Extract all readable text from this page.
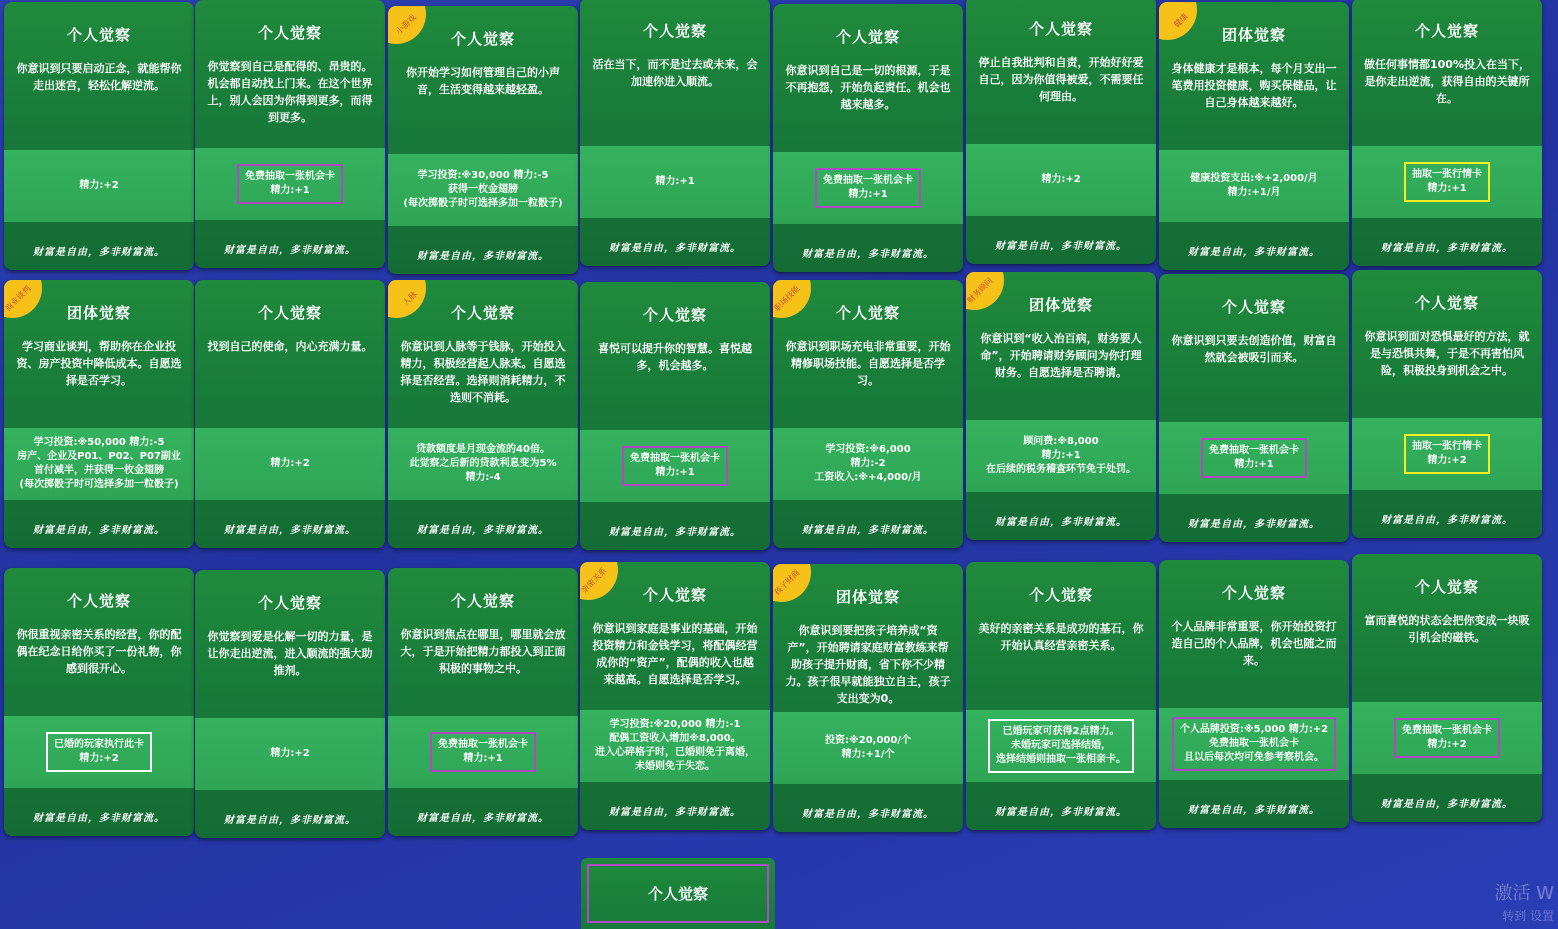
个人觉察
你意识到只要启动正念，就能帮你走出迷宫，轻松化解逆流。
精力:+2
财富是自由，多非财富流。
个人觉察
你觉察到自己是配得的、昂贵的。机会都自动找上门来。在这个世界上，别人会因为你得到更多，而得到更多。
免费抽取一张机会卡
精力:+1
财富是自由，多非财富流。
小游戏
个人觉察
你开始学习如何管理自己的小声音，生活变得越来越轻盈。
学习投资:※30,000 精力:-5
获得一枚金翅膀
(每次掷骰子时可选择多加一粒骰子)
财富是自由，多非财富流。
个人觉察
活在当下，而不是过去或未来，会加速你进入顺流。
精力:+1
财富是自由，多非财富流。
个人觉察
你意识到自己是一切的根源，于是不再抱怨，开始负起责任。机会也越来越多。
免费抽取一张机会卡
精力:+1
财富是自由，多非财富流。
个人觉察
停止自我批判和自责，开始好好爱自己，因为你值得被爱，不需要任何理由。
精力:+2
财富是自由，多非财富流。
健康
团体觉察
身体健康才是根本，每个月支出一笔费用投资健康，购买保健品，让自己身体越来越好。
健康投资支出:※+2,000/月
精力:+1/月
财富是自由，多非财富流。
个人觉察
做任何事情都100%投入在当下，是你走出逆流，获得自由的关键所在。
抽取一张行情卡
精力:+1
财富是自由，多非财富流。
商业谈判
团体觉察
学习商业谈判，帮助你在企业投资、房产投资中降低成本。自愿选择是否学习。
学习投资:※50,000 精力:-5
房产、企业及P01、P02、P07副业首付减半，并获得一枚金翅膀
(每次掷骰子时可选择多加一粒骰子)
财富是自由，多非财富流。
个人觉察
找到自己的使命，内心充满力量。
精力:+2
财富是自由，多非财富流。
人脉
个人觉察
你意识到人脉等于钱脉，开始投入精力，积极经营起人脉来。自愿选择是否经营。选择则消耗精力，不选则不消耗。
贷款额度是月现金流的40倍。
此觉察之后新的贷款利息变为5%
精力:-4
财富是自由，多非财富流。
个人觉察
喜悦可以提升你的智慧。喜悦越多，机会越多。
免费抽取一张机会卡
精力:+1
财富是自由，多非财富流。
职场技能
个人觉察
你意识到职场充电非常重要，开始精修职场技能。自愿选择是否学习。
学习投资:※6,000
精力:-2
工资收入:※+4,000/月
财富是自由，多非财富流。
财务顾问
团体觉察
你意识到“收入治百病，财务要人命”，开始聘请财务顾问为你打理财务。自愿选择是否聘请。
顾问费:※8,000
精力:+1
在后续的税务稽查环节免于处罚。
财富是自由，多非财富流。
个人觉察
你意识到只要去创造价值，财富自然就会被吸引而来。
免费抽取一张机会卡
精力:+1
财富是自由，多非财富流。
个人觉察
你意识到面对恐惧最好的方法，就是与恐惧共舞，于是不再害怕风险，积极投身到机会之中。
抽取一张行情卡
精力:+2
财富是自由，多非财富流。
个人觉察
你很重视亲密关系的经营，你的配偶在纪念日给你买了一份礼物，你感到很开心。
已婚的玩家执行此卡
精力:+2
财富是自由，多非财富流。
个人觉察
你觉察到爱是化解一切的力量，是让你走出逆流，进入顺流的强大助推剂。
精力:+2
财富是自由，多非财富流。
个人觉察
你意识到焦点在哪里，哪里就会放大，于是开始把精力都投入到正面积极的事物之中。
免费抽取一张机会卡
精力:+1
财富是自由，多非财富流。
亲密关系
个人觉察
你意识到家庭是事业的基础，开始投资精力和金钱学习，将配偶经营成你的“资产”，配偶的收入也越来越高。自愿选择是否学习。
学习投资:※20,000 精力:-1
配偶工资收入增加※8,000。
进入心碎格子时，已婚则免于离婚，未婚则免于失恋。
财富是自由，多非财富流。
孩子财商
团体觉察
你意识到要把孩子培养成“资产”，开始聘请家庭财富教练来帮助孩子提升财商，省下你不少精力。孩子很早就能独立自主，孩子支出变为0。
投资:※20,000/个
精力:+1/个
财富是自由，多非财富流。
个人觉察
美好的亲密关系是成功的基石，你开始认真经营亲密关系。
已婚玩家可获得2点精力。
未婚玩家可选择结婚，
选择结婚则抽取一张相亲卡。
财富是自由，多非财富流。
个人觉察
个人品牌非常重要，你开始投资打造自己的个人品牌，机会也随之而来。
个人品牌投资:※5,000 精力:+2
免费抽取一张机会卡
且以后每次均可免参考察机会。
财富是自由，多非财富流。
个人觉察
富而喜悦的状态会把你变成一块吸引机会的磁铁。
免费抽取一张机会卡
精力:+2
财富是自由，多非财富流。
个人觉察	激活 W
转到 设置
